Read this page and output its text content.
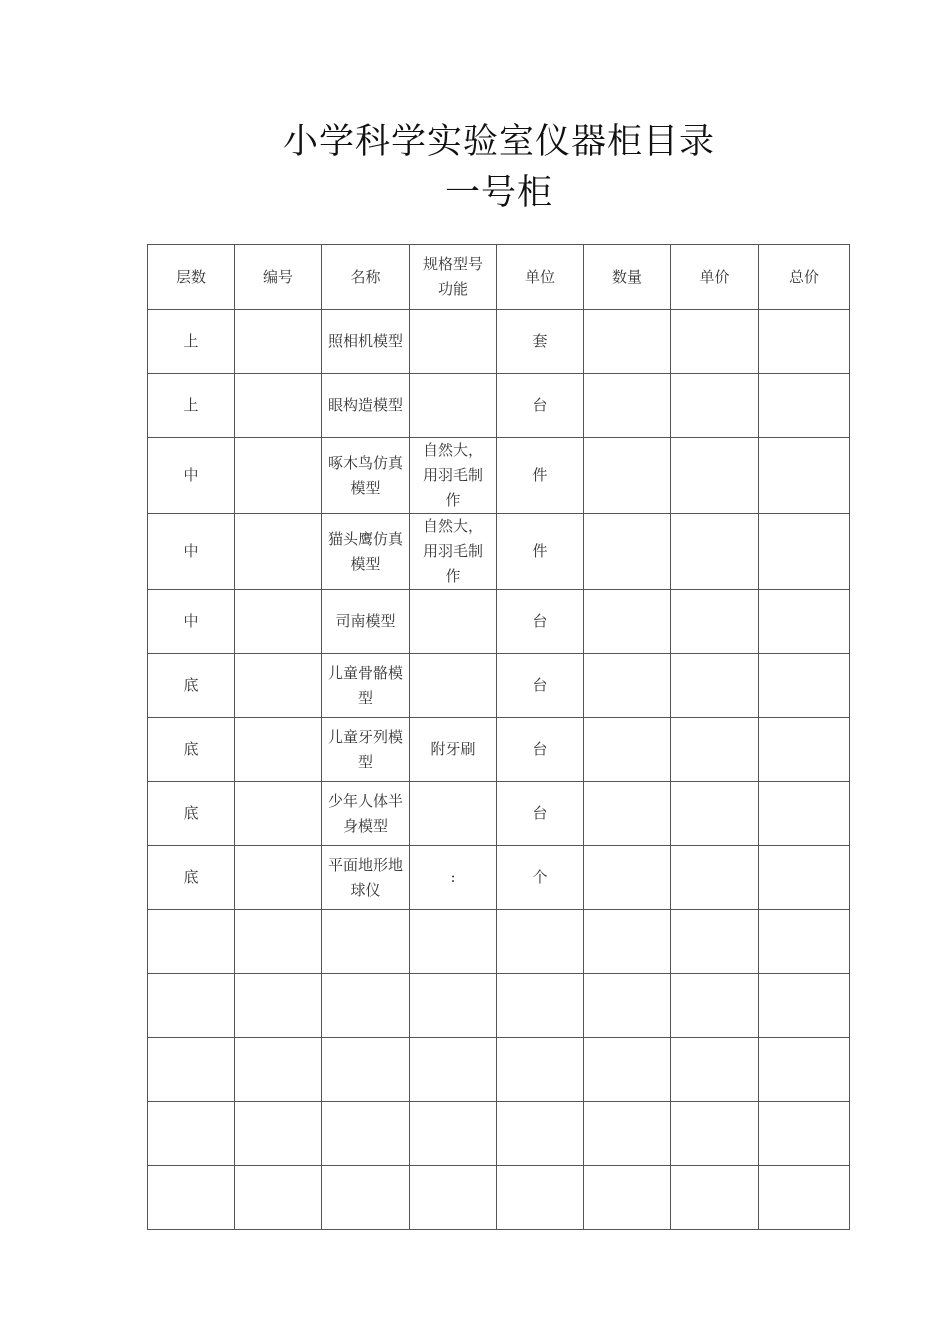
小学科学实验室仪器柜目录
一号柜
层数	编号	名称	规格型号功能	单位	数量	单价	总价
上		照相机模型		套			
上		眼构造模型		台			
中		啄木鸟仿真模型	自然大，用羽毛制作	件			
中		猫头鹰仿真模型	自然大，用羽毛制作	件			
中		司南模型		台			
底		儿童骨骼模型		台			
底		儿童牙列模型	附牙刷	台			
底		少年人体半身模型		台			
底		平面地形地球仪	:	个			
